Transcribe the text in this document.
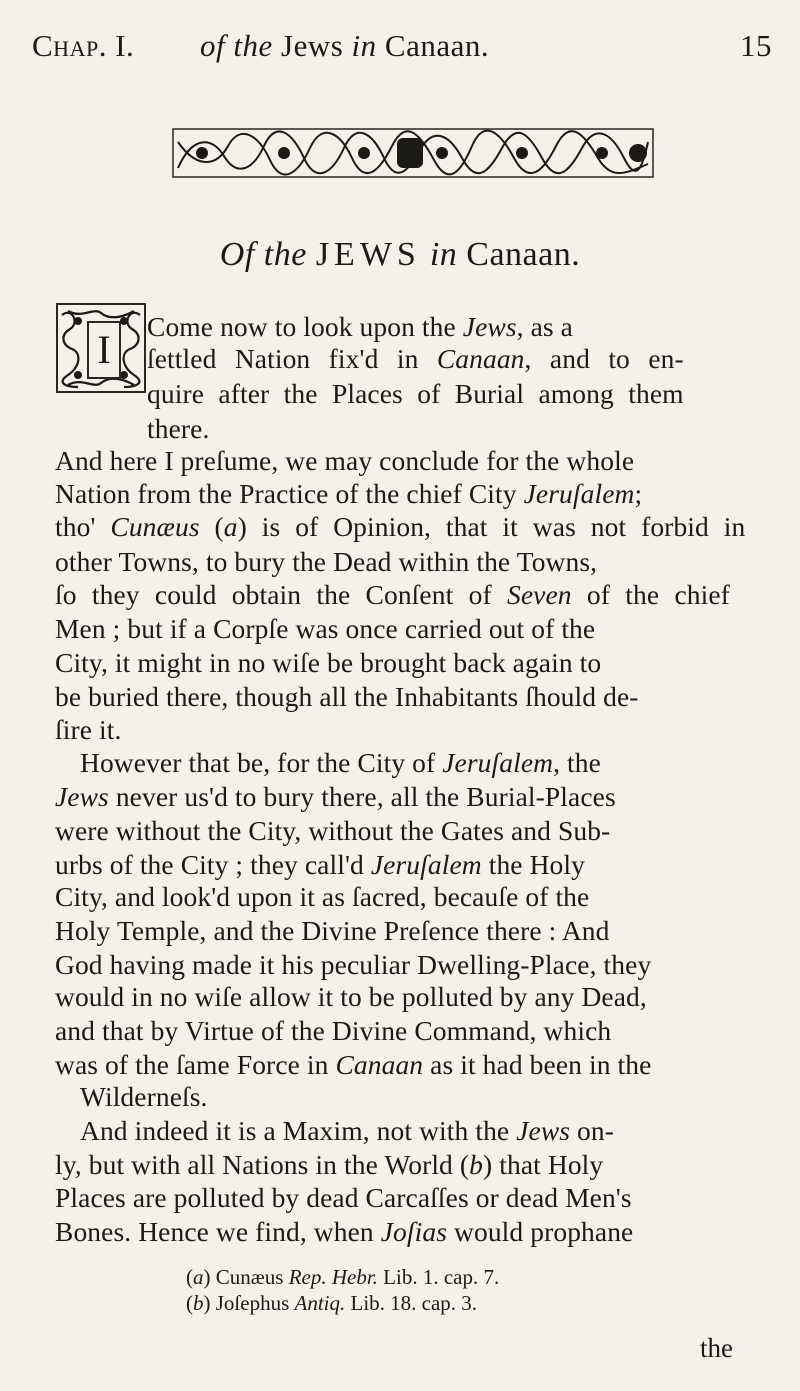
Chap. I. of the Jews in Canaan.	15
Of the JEWS in Canaan.
I
Come now to look upon the Jews, as a
ſettled Nation fix'd in Canaan, and to en-
quire after the Places of Burial among them
there.
And here I preſume, we may conclude for the whole
Nation from the Practice of the chief City Jeruſalem;
tho' Cunæus (a) is of Opinion, that it was not forbid in
other Towns, to bury the Dead within the Towns,
ſo they could obtain the Conſent of Seven of the chief
Men ; but if a Corpſe was once carried out of the
City, it might in no wiſe be brought back again to
be buried there, though all the Inhabitants ſhould de-
ſire it.
However that be, for the City of Jeruſalem, the
Jews never us'd to bury there, all the Burial-Places
were without the City, without the Gates and Sub-
urbs of the City ; they call'd Jeruſalem the Holy
City, and look'd upon it as ſacred, becauſe of the
Holy Temple, and the Divine Preſence there : And
God having made it his peculiar Dwelling-Place, they
would in no wiſe allow it to be polluted by any Dead,
and that by Virtue of the Divine Command, which
was of the ſame Force in Canaan as it had been in the
Wilderneſs.
And indeed it is a Maxim, not with the Jews on-
ly, but with all Nations in the World (b) that Holy
Places are polluted by dead Carcaſſes or dead Men's
Bones. Hence we find, when Joſias would prophane
(a) Cunæus Rep. Hebr. Lib. 1. cap. 7.
(b) Joſephus Antiq. Lib. 18. cap. 3.
the
